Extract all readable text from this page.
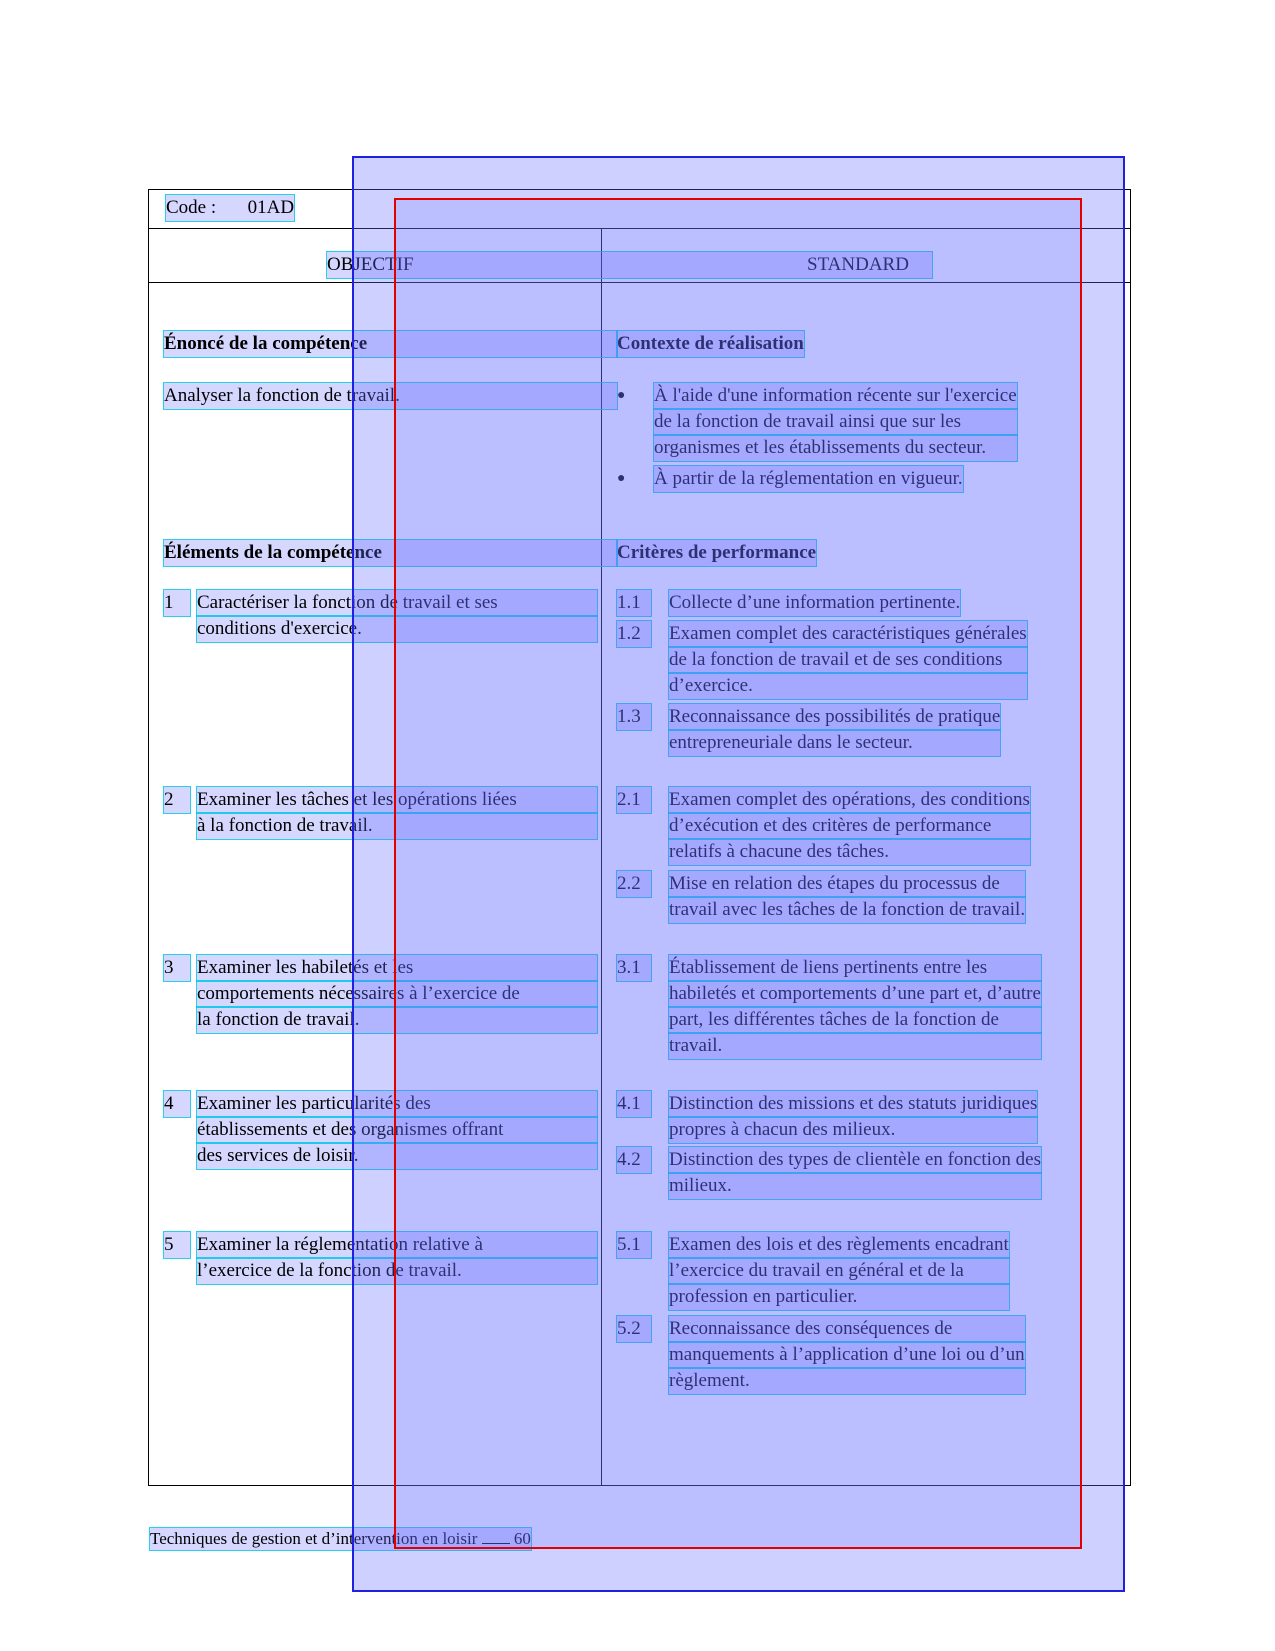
Code : 01AD
OBJECTIF	STANDARD
Énoncé de la compétence
Analyser la fonction de travail.
Éléments de la compétence
1	Caractériser la fonction de travail et ses
conditions d'exercice.
2	Examiner les tâches et les opérations liées
à la fonction de travail.
3	Examiner les habiletés et les
comportements nécessaires à l’exercice de
la fonction de travail.
4	Examiner les particularités des
établissements et des organismes offrant
des services de loisir.
5	Examiner la réglementation relative à
l’exercice de la fonction de travail.
Contexte de réalisation
● À l'aide d'une information récente sur l'exercice
de la fonction de travail ainsi que sur les
organismes et les établissements du secteur.
● À partir de la réglementation en vigueur.
Critères de performance
1.1	Collecte d’une information pertinente.
1.2	Examen complet des caractéristiques générales
de la fonction de travail et de ses conditions
d’exercice.
1.3	Reconnaissance des possibilités de pratique
entrepreneuriale dans le secteur.
2.1	Examen complet des opérations, des conditions
d’exécution et des critères de performance
relatifs à chacune des tâches.
2.2	Mise en relation des étapes du processus de
travail avec les tâches de la fonction de travail.
3.1	Établissement de liens pertinents entre les
habiletés et comportements d’une part et, d’autre
part, les différentes tâches de la fonction de
travail.
4.1	Distinction des missions et des statuts juridiques
propres à chacun des milieux.
4.2	Distinction des types de clientèle en fonction des
milieux.
5.1	Examen des lois et des règlements encadrant
l’exercice du travail en général et de la
profession en particulier.
5.2	Reconnaissance des conséquences de
manquements à l’application d’une loi ou d’un
règlement.
Techniques de gestion et d’intervention en loisir 60
